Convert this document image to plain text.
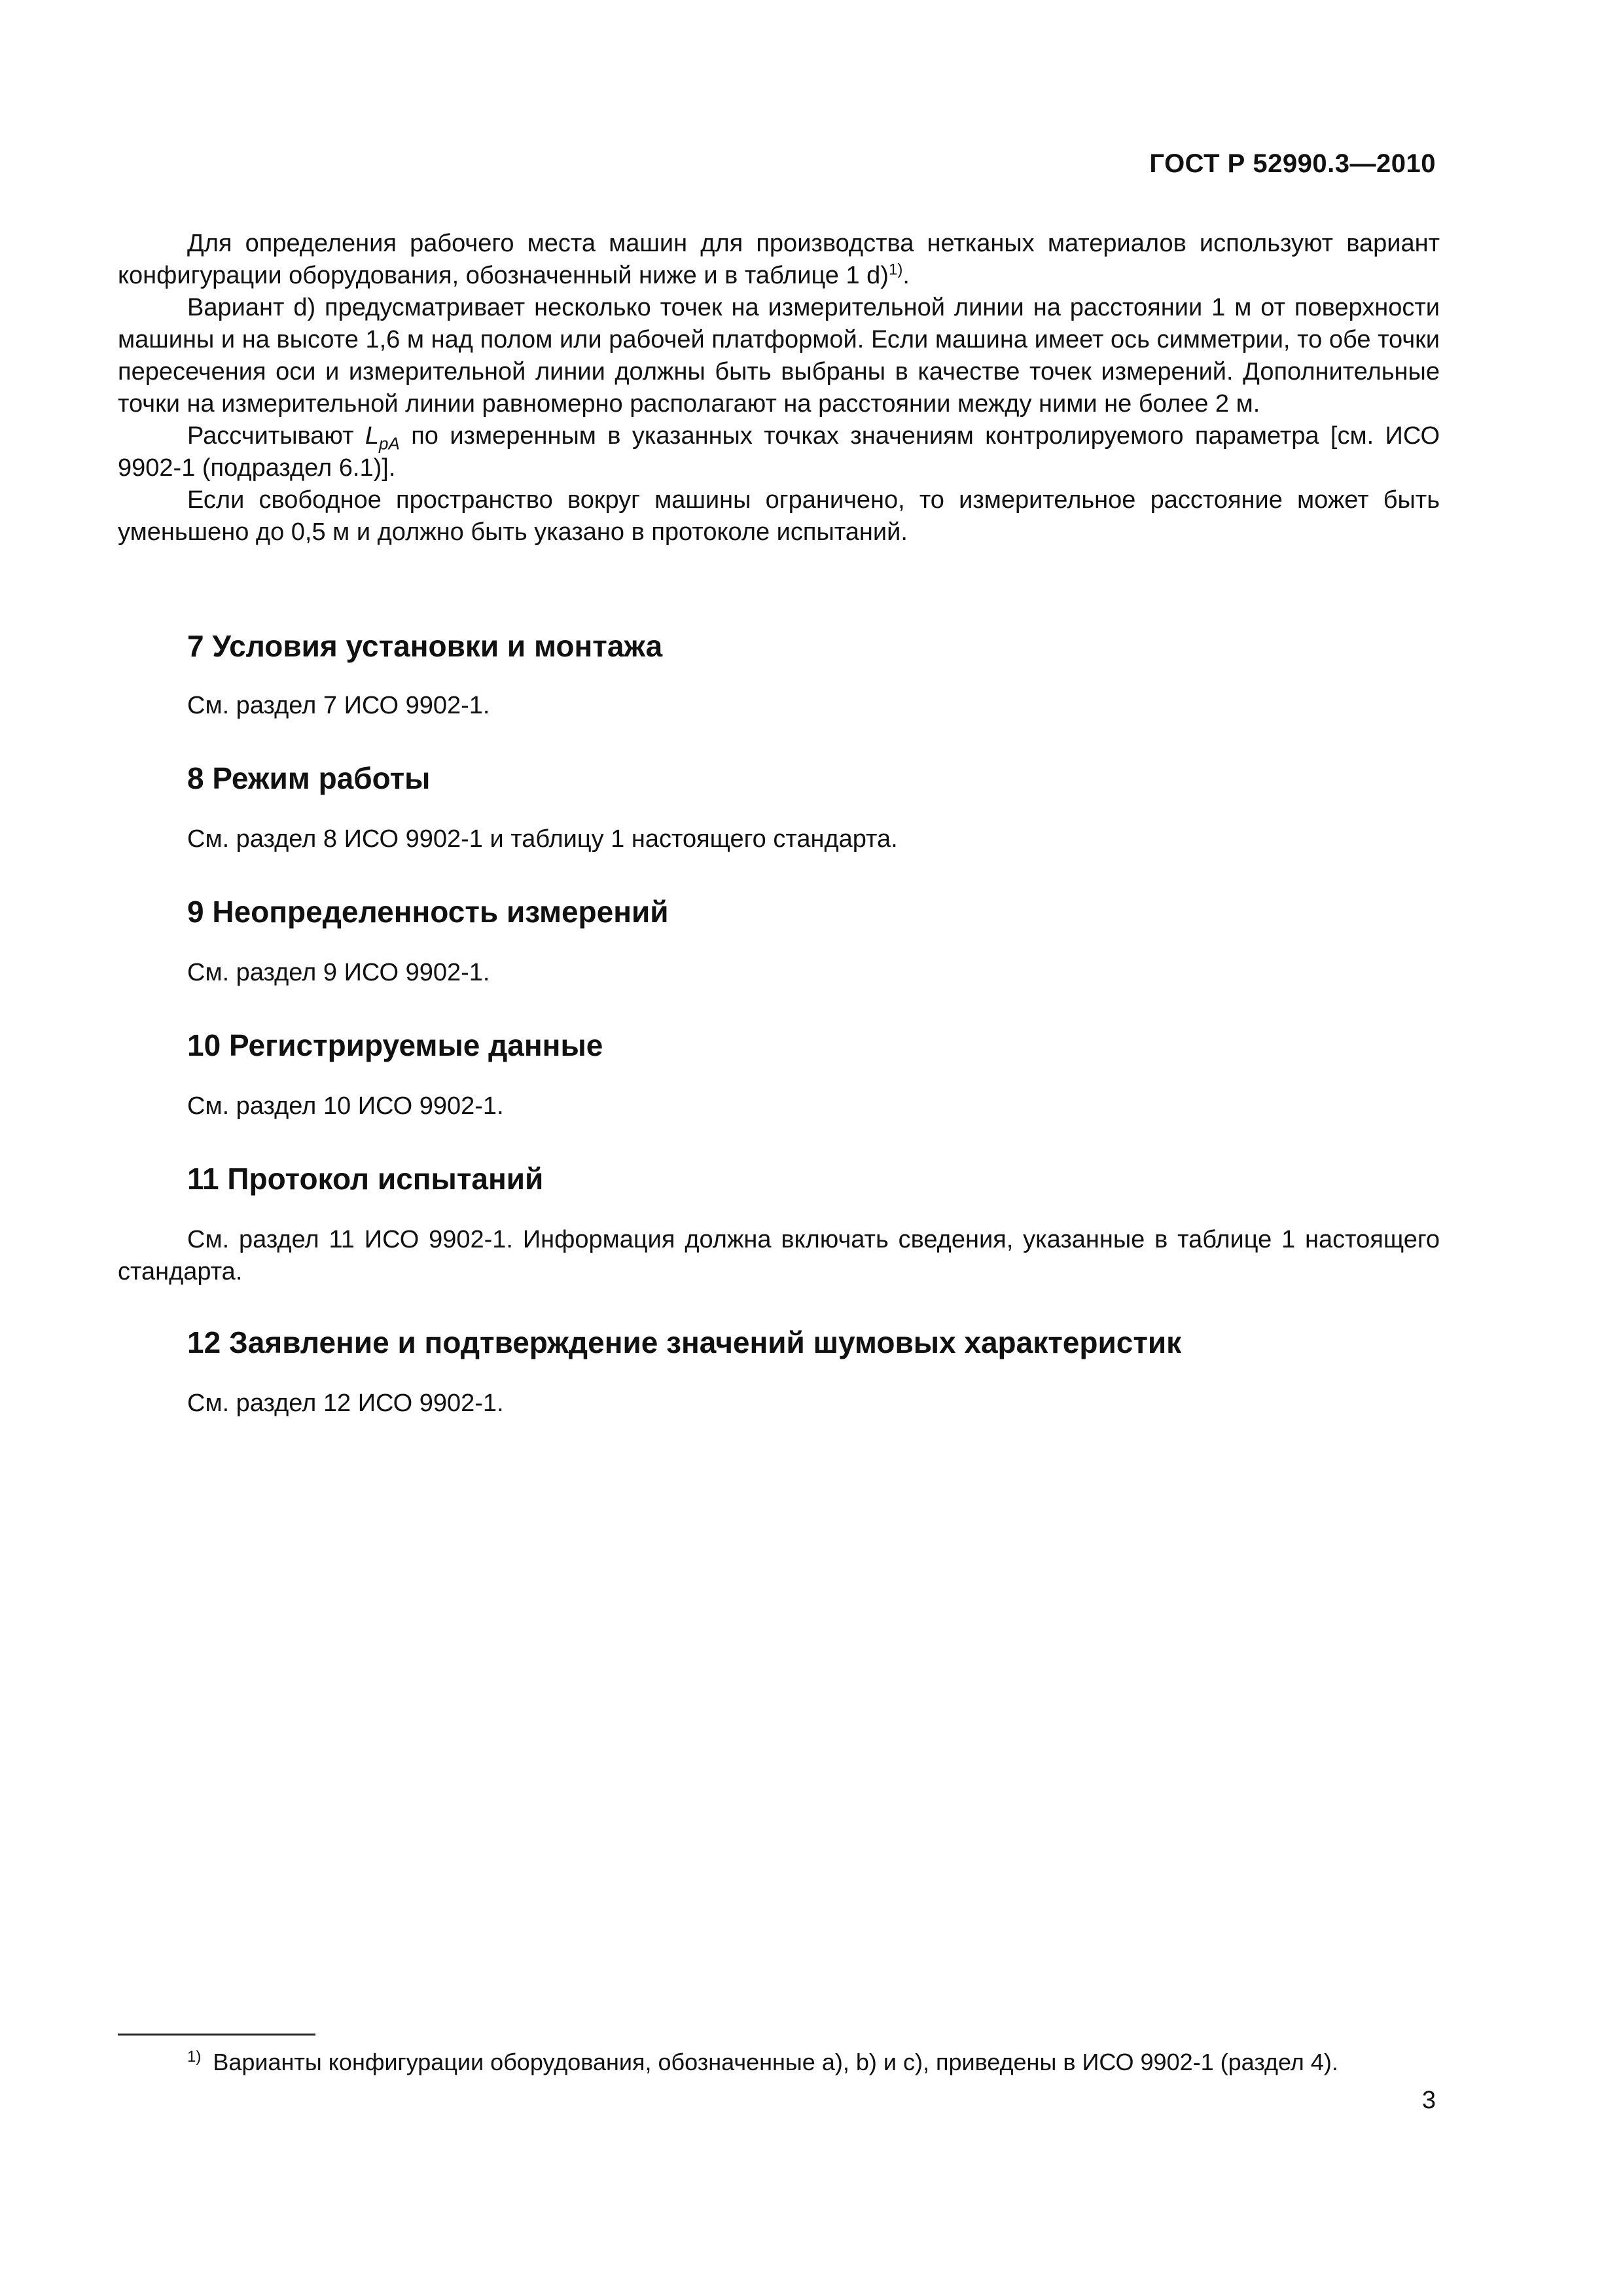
ГОСТ Р 52990.3—2010

Для определения рабочего места машин для производства нетканых материалов используют вариант конфигурации оборудования, обозначенный ниже и в таблице 1 d)$^{1)}$.

Вариант d) предусматривает несколько точек на измерительной линии на расстоянии 1 м от поверхности машины и на высоте 1,6 м над полом или рабочей платформой. Если машина имеет ось симметрии, то обе точки пересечения оси и измерительной линии должны быть выбраны в качестве точек измерений. Дополнительные точки на измерительной линии равномерно располагают на расстоянии между ними не более 2 м.

Рассчитывают $L_{pA}$ по измеренным в указанных точках значениям контролируемого параметра [см. ИСО 9902-1 (подраздел 6.1)].

Если свободное пространство вокруг машины ограничено, то измерительное расстояние может быть уменьшено до 0,5 м и должно быть указано в протоколе испытаний.

7 Условия установки и монтажа

См. раздел 7 ИСО 9902-1.

8 Режим работы

См. раздел 8 ИСО 9902-1 и таблицу 1 настоящего стандарта.

9 Неопределенность измерений

См. раздел 9 ИСО 9902-1.

10 Регистрируемые данные

См. раздел 10 ИСО 9902-1.

11 Протокол испытаний

См. раздел 11 ИСО 9902-1. Информация должна включать сведения, указанные в таблице 1 настоящего стандарта.

12 Заявление и подтверждение значений шумовых характеристик

См. раздел 12 ИСО 9902-1.

$^{1)}$ Варианты конфигурации оборудования, обозначенные а), b) и с), приведены в ИСО 9902-1 (раздел 4).
3
